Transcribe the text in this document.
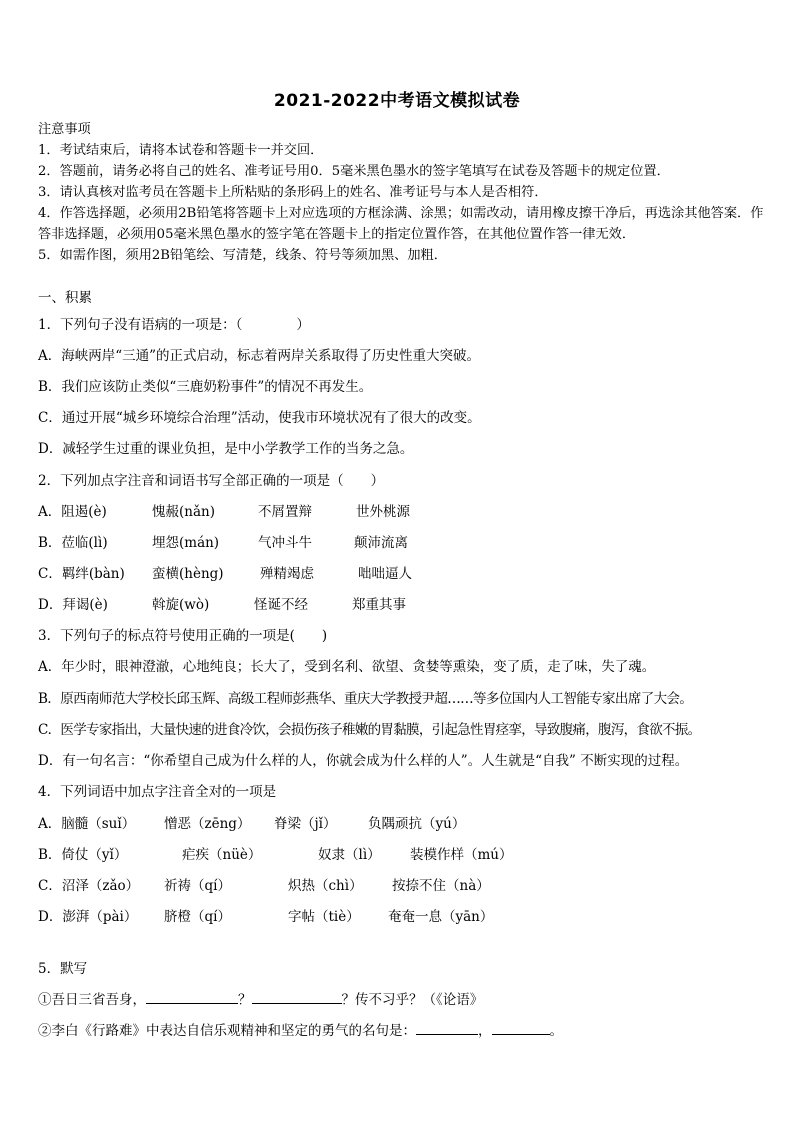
2021-2022中考语文模拟试卷
注意事项
1．考试结束后，请将本试卷和答题卡一并交回．
2．答题前，请务必将自己的姓名、准考证号用0．5毫米黑色墨水的签字笔填写在试卷及答题卡的规定位置．
3．请认真核对监考员在答题卡上所粘贴的条形码上的姓名、准考证号与本人是否相符．
4．作答选择题，必须用2B铅笔将答题卡上对应选项的方框涂满、涂黑；如需改动，请用橡皮擦干净后，再选涂其他答案．作答非选择题，必须用05毫米黑色墨水的签字笔在答题卡上的指定位置作答，在其他位置作答一律无效．
5．如需作图，须用2B铅笔绘、写清楚，线条、符号等须加黑、加粗．
一、积累
1．下列句子没有语病的一项是：（　　　　）
A．海峡两岸“三通”的正式启动，标志着两岸关系取得了历史性重大突破。
B．我们应该防止类似“三鹿奶粉事件”的情况不再发生。
C．通过开展“城乡环境综合治理”活动，使我市环境状况有了很大的改变。
D．减轻学生过重的课业负担，是中小学教学工作的当务之急。
2．下列加点字注音和词语书写全部正确的一项是（　　）
A．阻遏(è)	愧赧(nǎn)	不屑置辩	世外桃源
B．莅临(lì)	埋怨(mán)	气冲斗牛	颠沛流离
C．羁绊(bàn) 蛮横(hèng)	殚精竭虑	咄咄逼人
D．拜谒(è)	斡旋(wò)	怪诞不经	郑重其事
3．下列句子的标点符号使用正确的一项是(　　)
A．年少时，眼神澄澈，心地纯良；长大了，受到名利、欲望、贪婪等熏染，变了质，走了味，失了魂。
B．原西南师范大学校长邱玉辉、高级工程师彭燕华、重庆大学教授尹超……等多位国内人工智能专家出席了大会。
C．医学专家指出，大量快速的进食冷饮，会损伤孩子稚嫩的胃黏膜，引起急性胃痉挛，导致腹痛，腹泻，食欲不振。
D．有一句名言：“你希望自己成为什么样的人，你就会成为什么样的人”。人生就是“自我” 不断实现的过程。
4．下列词语中加点字注音全对的一项是
A．脑髓（suǐ） 憎恶（zēng） 脊梁（jǐ） 负隅顽抗（yú）
B．倚仗（yǐ）	疟疾（nüè）	奴隶（lì） 装模作样（mú）
C．沼泽（zǎo） 祈祷（qí）	炽热（chì） 按捺不住（nà）
D．澎湃（pài） 脐橙（qí）	字帖（tiè） 奄奄一息（yān）
5．默写
①吾日三省吾身，	？	？传不习乎？（《论语》
②李白《行路难》中表达自信乐观精神和坚定的勇气的名句是：	，	。
